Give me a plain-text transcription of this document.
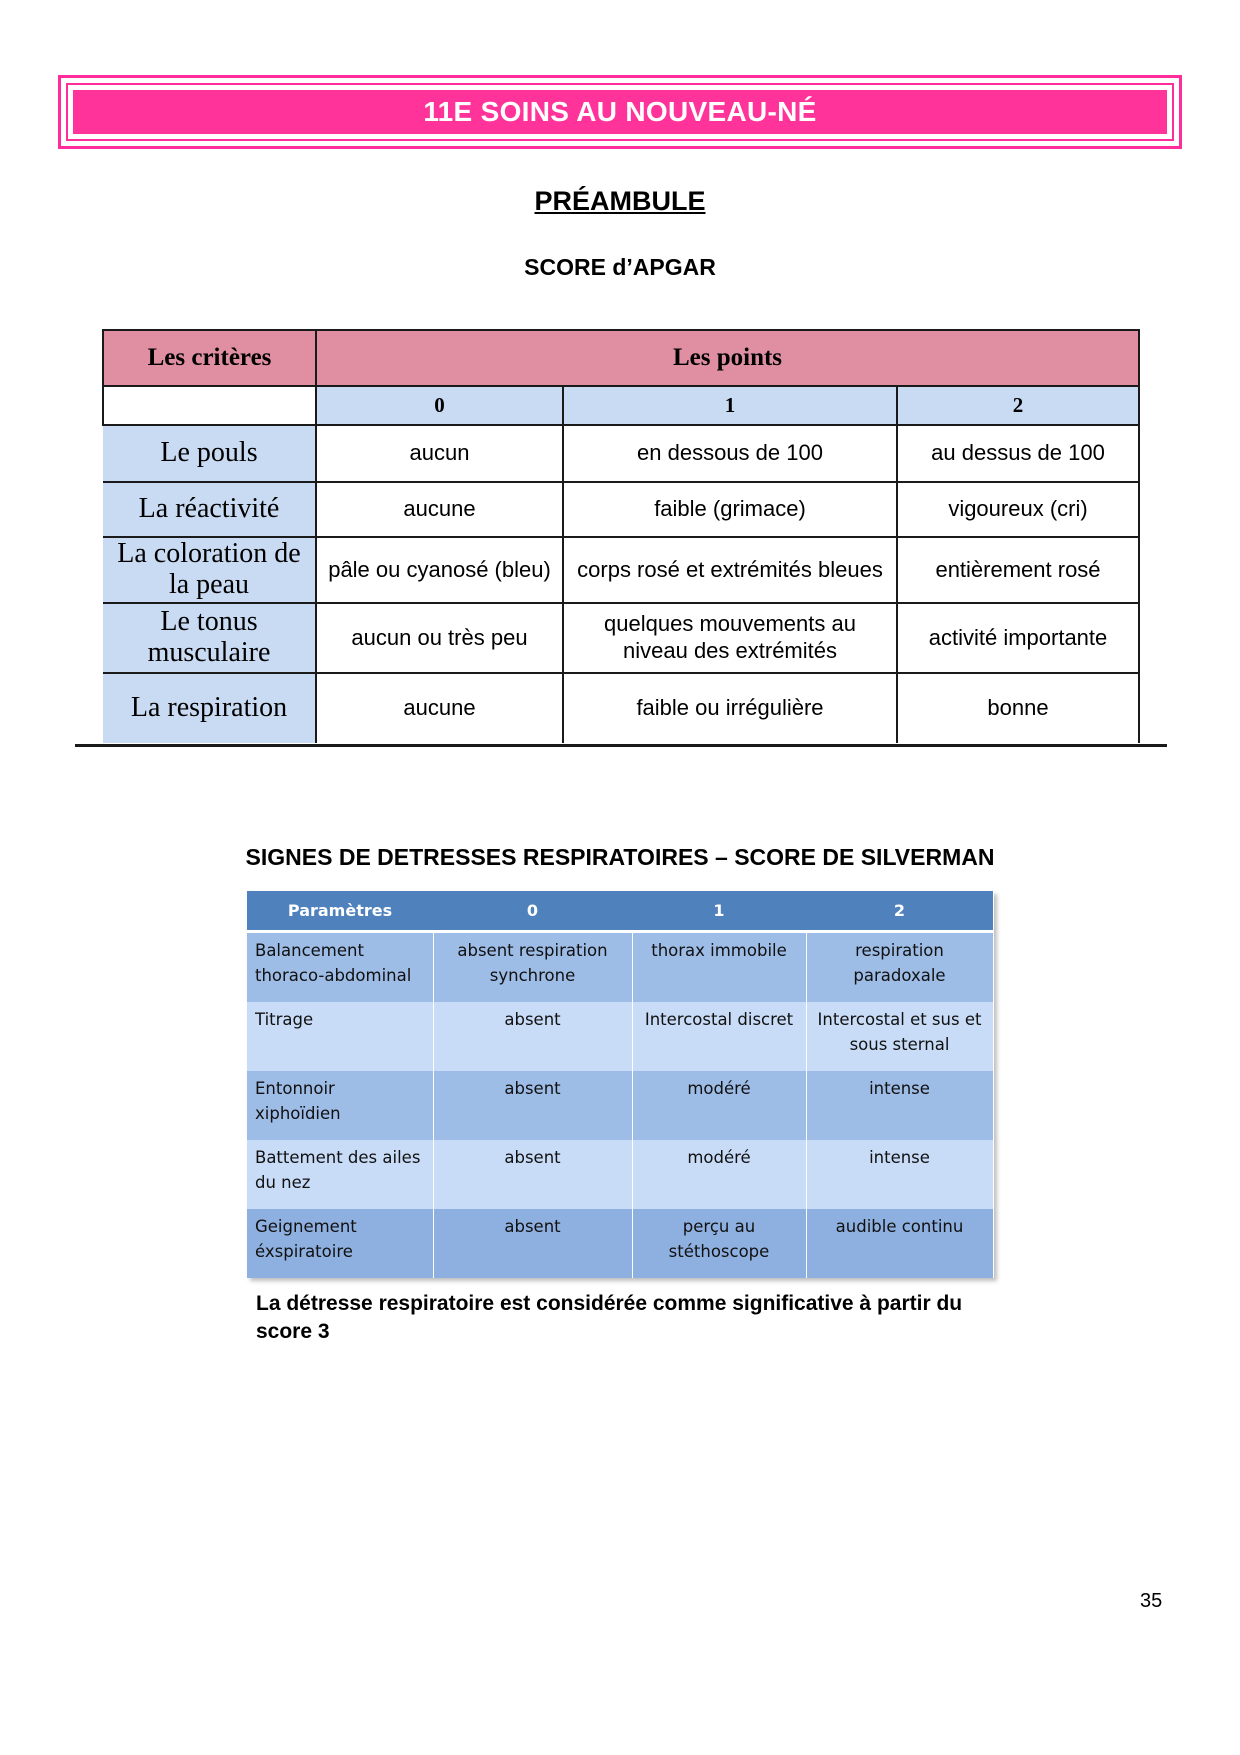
11E SOINS AU NOUVEAU-NÉ
PRÉAMBULE
SCORE d’APGAR
Les critères	Les points		
	0	1	2
Le pouls	aucun	en dessous de 100	au dessus de 100
La réactivité	aucune	faible (grimace)	vigoureux (cri)
La coloration de la peau	pâle ou cyanosé (bleu)	corps rosé et extrémités bleues	entièrement rosé
Le tonus musculaire	aucun ou très peu	quelques mouvements au niveau des extrémités	activité importante
La respiration	aucune	faible ou irrégulière	bonne
SIGNES DE DETRESSES RESPIRATOIRES – SCORE DE SILVERMAN
Paramètres	0	1	2
Balancement thoraco-abdominal	absent respiration synchrone	thorax immobile	respiration paradoxale
Titrage	absent	Intercostal discret	Intercostal et sus et sous sternal
Entonnoir xiphoïdien	absent	modéré	intense
Battement des ailes du nez	absent	modéré	intense
Geignement éxspiratoire	absent	perçu au stéthoscope	audible continu
La détresse respiratoire est considérée comme significative à partir du score 3
35
